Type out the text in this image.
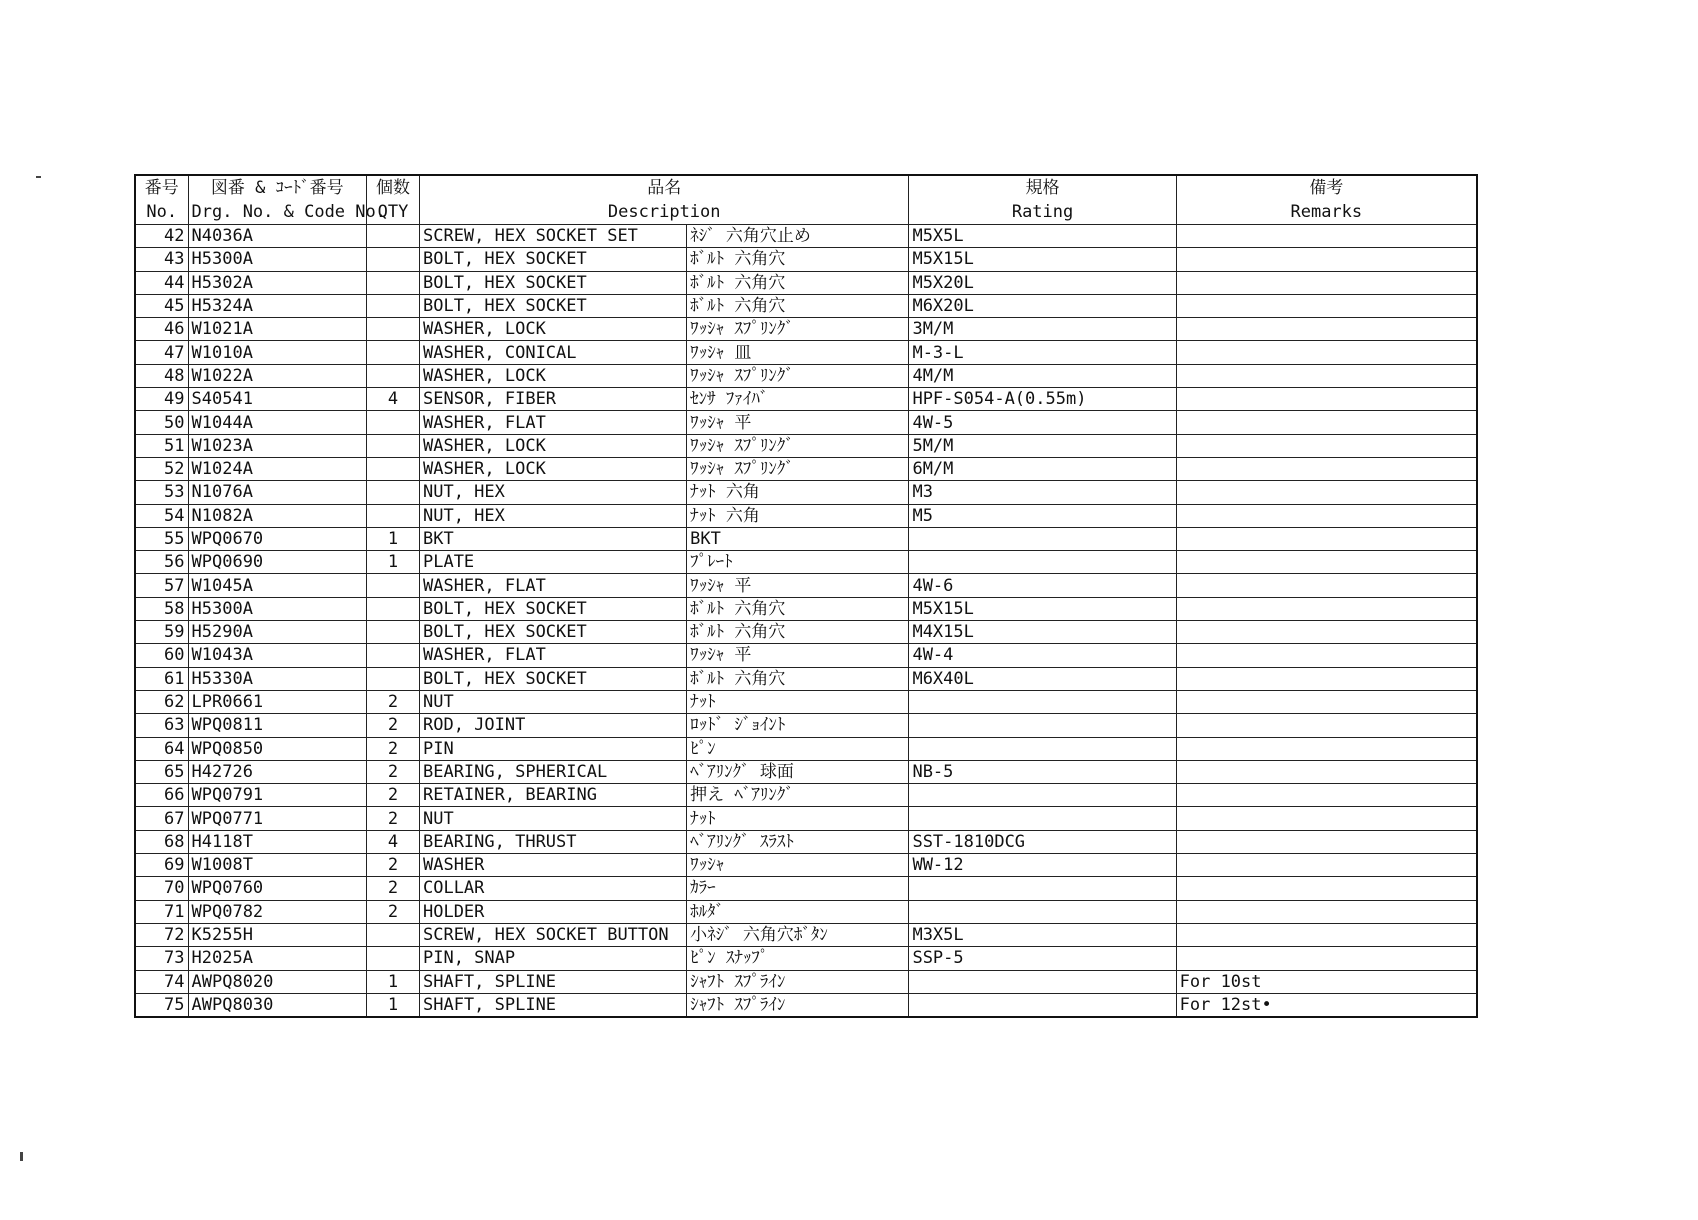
番号	図番 & ｺｰﾄﾞ番号	個数	品名		規格	備考
No.	Drg. No. & Code No.	QTY	Description		Rating	Remarks
42	N4036A		SCREW, HEX SOCKET SET	ﾈｼﾞ 六角穴止め	M5X5L	
43	H5300A		BOLT, HEX SOCKET	ﾎﾞﾙﾄ 六角穴	M5X15L	
44	H5302A		BOLT, HEX SOCKET	ﾎﾞﾙﾄ 六角穴	M5X20L	
45	H5324A		BOLT, HEX SOCKET	ﾎﾞﾙﾄ 六角穴	M6X20L	
46	W1021A		WASHER, LOCK	ﾜｯｼｬ ｽﾌﾟﾘﾝｸﾞ	3M/M	
47	W1010A		WASHER, CONICAL	ﾜｯｼｬ 皿	M-3-L	
48	W1022A		WASHER, LOCK	ﾜｯｼｬ ｽﾌﾟﾘﾝｸﾞ	4M/M	
49	S40541	4	SENSOR, FIBER	ｾﾝｻ ﾌｧｲﾊﾞ	HPF-S054-A(0.55m)	
50	W1044A		WASHER, FLAT	ﾜｯｼｬ 平	4W-5	
51	W1023A		WASHER, LOCK	ﾜｯｼｬ ｽﾌﾟﾘﾝｸﾞ	5M/M	
52	W1024A		WASHER, LOCK	ﾜｯｼｬ ｽﾌﾟﾘﾝｸﾞ	6M/M	
53	N1076A		NUT, HEX	ﾅｯﾄ 六角	M3	
54	N1082A		NUT, HEX	ﾅｯﾄ 六角	M5	
55	WPQ0670	1	BKT	BKT		
56	WPQ0690	1	PLATE	ﾌﾟﾚｰﾄ		
57	W1045A		WASHER, FLAT	ﾜｯｼｬ 平	4W-6	
58	H5300A		BOLT, HEX SOCKET	ﾎﾞﾙﾄ 六角穴	M5X15L	
59	H5290A		BOLT, HEX SOCKET	ﾎﾞﾙﾄ 六角穴	M4X15L	
60	W1043A		WASHER, FLAT	ﾜｯｼｬ 平	4W-4	
61	H5330A		BOLT, HEX SOCKET	ﾎﾞﾙﾄ 六角穴	M6X40L	
62	LPR0661	2	NUT	ﾅｯﾄ		
63	WPQ0811	2	ROD, JOINT	ﾛｯﾄﾞ ｼﾞｮｲﾝﾄ		
64	WPQ0850	2	PIN	ﾋﾟﾝ		
65	H42726	2	BEARING, SPHERICAL	ﾍﾞｱﾘﾝｸﾞ 球面	NB-5	
66	WPQ0791	2	RETAINER, BEARING	押え ﾍﾞｱﾘﾝｸﾞ		
67	WPQ0771	2	NUT	ﾅｯﾄ		
68	H4118T	4	BEARING, THRUST	ﾍﾞｱﾘﾝｸﾞ ｽﾗｽﾄ	SST-1810DCG	
69	W1008T	2	WASHER	ﾜｯｼｬ	WW-12	
70	WPQ0760	2	COLLAR	ｶﾗｰ		
71	WPQ0782	2	HOLDER	ﾎﾙﾀﾞ		
72	K5255H		SCREW, HEX SOCKET BUTTON	小ﾈｼﾞ 六角穴ﾎﾞﾀﾝ	M3X5L	
73	H2025A		PIN, SNAP	ﾋﾟﾝ ｽﾅｯﾌﾟ	SSP-5	
74	AWPQ8020	1	SHAFT, SPLINE	ｼｬﾌﾄ ｽﾌﾟﾗｲﾝ		For 10st
75	AWPQ8030	1	SHAFT, SPLINE	ｼｬﾌﾄ ｽﾌﾟﾗｲﾝ		For 12st•
